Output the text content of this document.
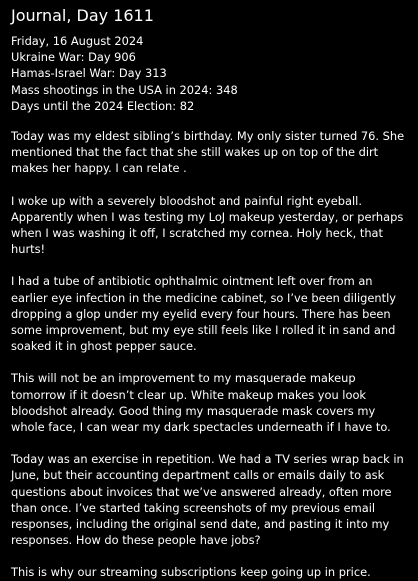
Journal, Day 1611
Friday, 16 August 2024
Ukraine War: Day 906
Hamas-Israel War: Day 313
Mass shootings in the USA in 2024: 348
Days until the 2024 Election: 82

Today was my eldest sibling’s birthday. My only sister turned 76. She mentioned that the fact that she still wakes up on top of the dirt makes her happy. I can relate .

I woke up with a severely bloodshot and painful right eyeball. Apparently when I was testing my LoJ makeup yesterday, or perhaps when I was washing it off, I scratched my cornea. Holy heck, that hurts!

I had a tube of antibiotic ophthalmic ointment left over from an earlier eye infection in the medicine cabinet, so I’ve been diligently dropping a glop under my eyelid every four hours. There has been some improvement, but my eye still feels like I rolled it in sand and soaked it in ghost pepper sauce.

This will not be an improvement to my masquerade makeup tomorrow if it doesn’t clear up. White makeup makes you look bloodshot already. Good thing my masquerade mask covers my whole face, I can wear my dark spectacles underneath if I have to.

Today was an exercise in repetition. We had a TV series wrap back in June, but their accounting department calls or emails daily to ask questions about invoices that we’ve answered already, often more than once. I’ve started taking screenshots of my previous email responses, including the original send date, and pasting it into my responses. How do these people have jobs?

This is why our streaming subscriptions keep going up in price.
